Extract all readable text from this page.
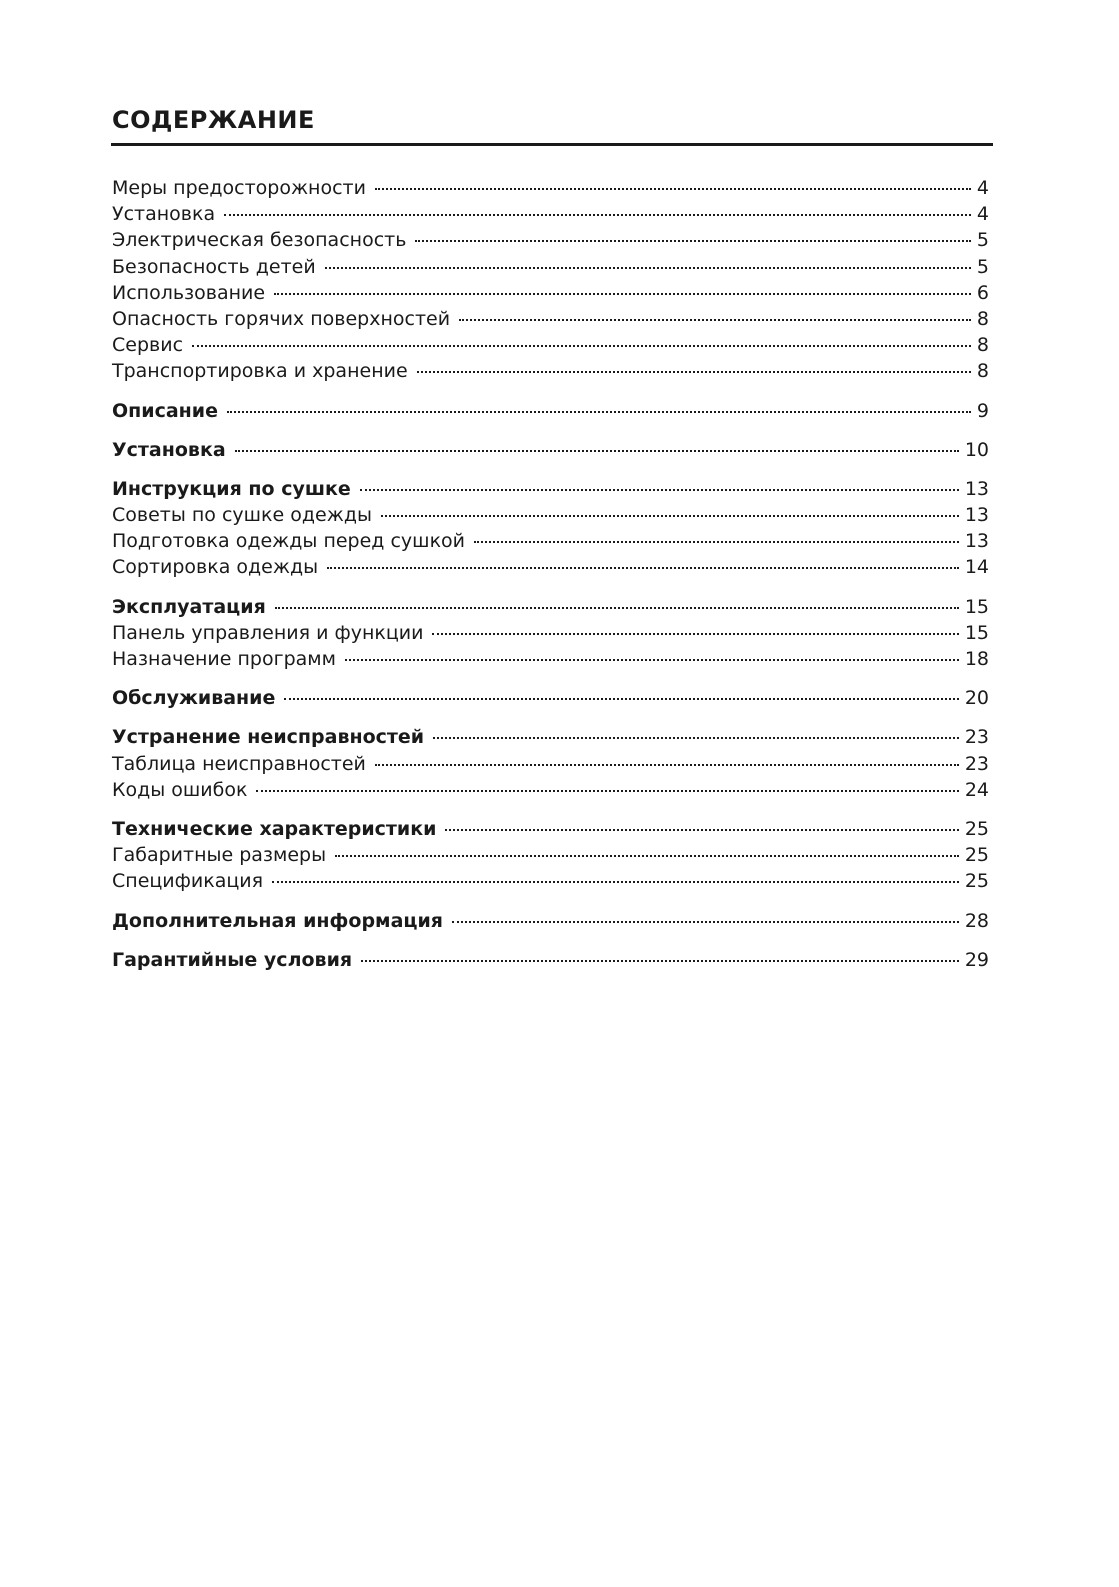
СОДЕРЖАНИЕ
Меры предосторожности	4
Установка	4
Электрическая безопасность	5
Безопасность детей	5
Использование	6
Опасность горячих поверхностей	8
Сервис	8
Транспортировка и хранение	8
Описание	9
Установка	10
Инструкция по сушке	13
Советы по сушке одежды	13
Подготовка одежды перед сушкой	13
Сортировка одежды	14
Эксплуатация	15
Панель управления и функции	15
Назначение программ	18
Обслуживание	20
Устранение неисправностей	23
Таблица неисправностей	23
Коды ошибок	24
Технические характеристики	25
Габаритные размеры	25
Спецификация	25
Дополнительная информация	28
Гарантийные условия	29
